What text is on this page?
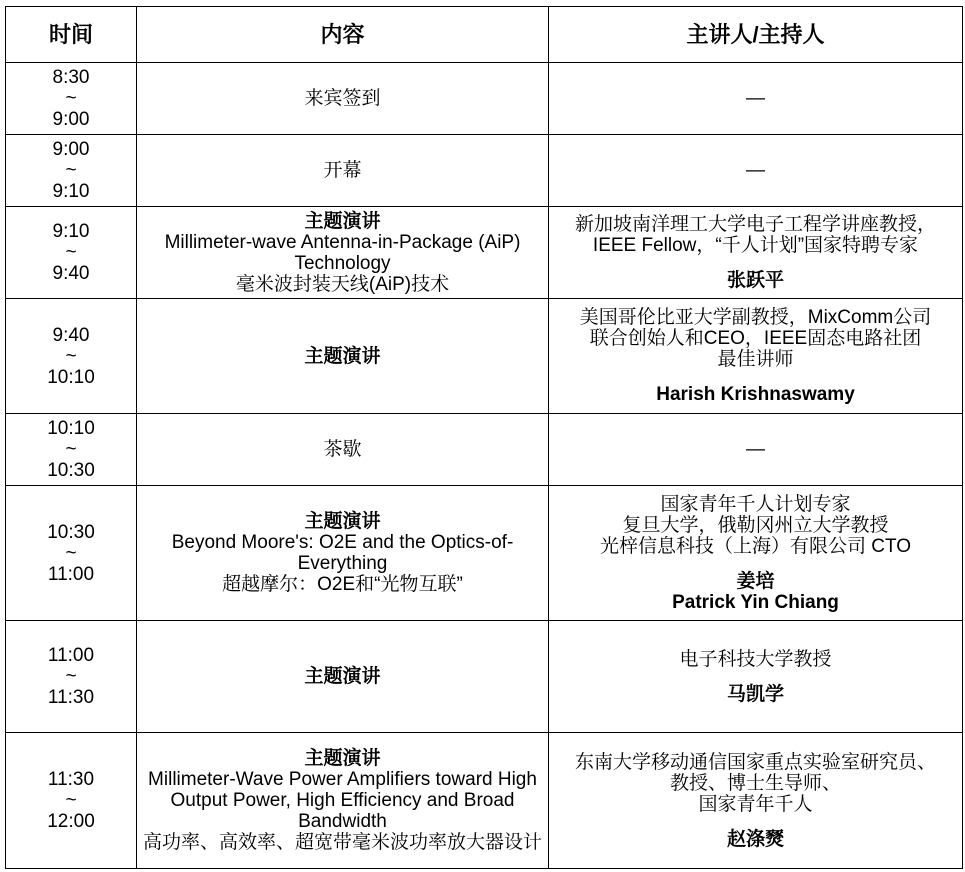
时间	内容	主讲人/主持人

8:30
~
9:00	来宾签到	—

9:00
~
9:10	开幕	—

9:10
~
9:40	主题演讲
Millimeter-wave Antenna-in-Package (AiP) Technology
毫米波封装天线(AiP)技术	新加坡南洋理工大学电子工程学讲座教授，
IEEE Fellow，“千人计划”国家特聘专家
张跃平

9:40
~
10:10	主题演讲	美国哥伦比亚大学副教授，MixComm公司
联合创始人和CEO，IEEE固态电路社团
最佳讲师
Harish Krishnaswamy

10:10
~
10:30	茶歇	—

10:30
~
11:00	主题演讲
Beyond Moore's: O2E and the Optics-of-Everything
超越摩尔：O2E和“光物互联”	国家青年千人计划专家
复旦大学，俄勒冈州立大学教授
光梓信息科技（上海）有限公司 CTO
姜培
Patrick Yin Chiang

11:00
~
11:30	主题演讲	电子科技大学教授
马凯学

11:30
~
12:00	主题演讲
Millimeter-Wave Power Amplifiers toward High Output Power, High Efficiency and Broad Bandwidth
高功率、高效率、超宽带毫米波功率放大器设计	东南大学移动通信国家重点实验室研究员、
教授、博士生导师、
国家青年千人
赵涤燹
